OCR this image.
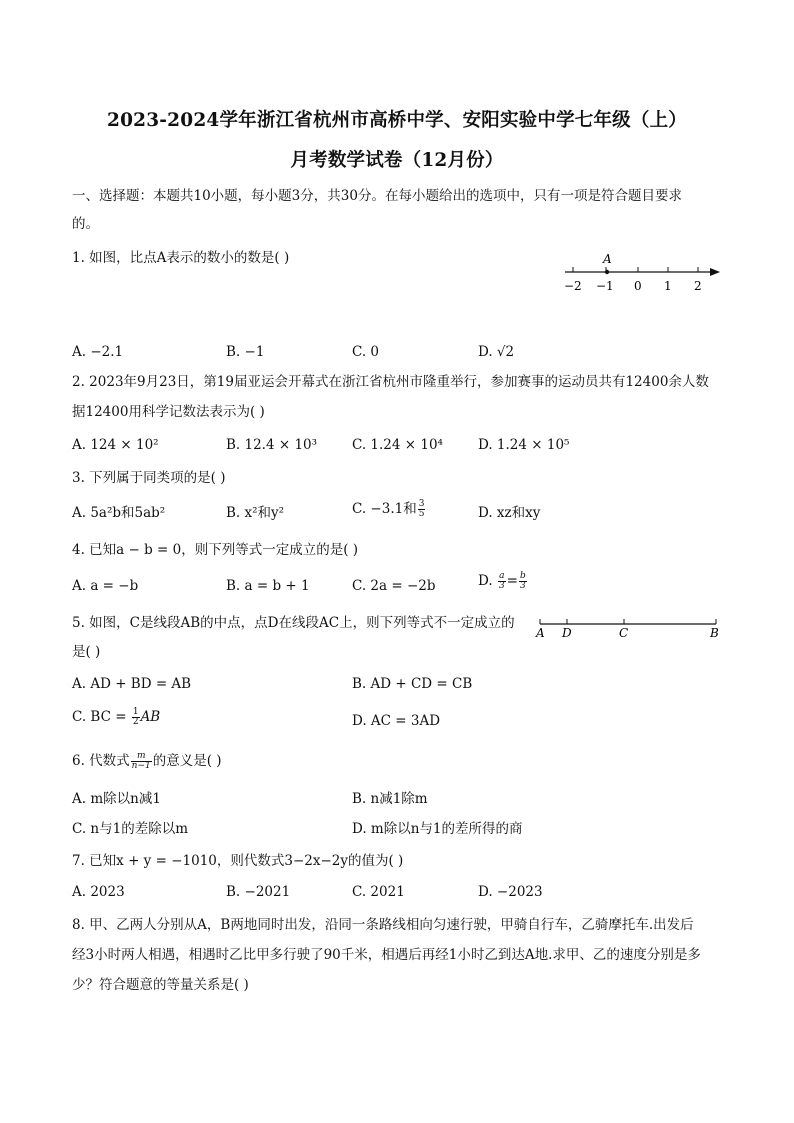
2023-2024学年浙江省杭州市高桥中学、安阳实验中学七年级（上）
月考数学试卷（12月份）
一、选择题：本题共10小题，每小题3分，共30分。在每小题给出的选项中，只有一项是符合题目要求
的。
1. 如图，比点A表示的数小的数是( )	A
−2 −1 0 1 2
A. −2.1	B. −1	C. 0	D. √2
2. 2023年9月23日，第19届亚运会开幕式在浙江省杭州市隆重举行，参加赛事的运动员共有12400余人数
据12400用科学记数法表示为( )
A. 124 × 10²	B. 12.4 × 10³	C. 1.24 × 10⁴	D. 1.24 × 10⁵
3. 下列属于同类项的是( )
A. 5a²b和5ab²	B. x²和y²	C. −3.1和 $\frac{3}{5}$	D. xz和xy
4. 已知a − b = 0，则下列等式一定成立的是( )
A. a = −b	B. a = b + 1	C. 2a = −2b	D. $\frac{a}{3} = \frac{b}{3}$
5. 如图，C是线段AB的中点，点D在线段AC上，则下列等式不一定成立的
是( )
A D	C	B
A. AD + BD = AB	B. AD + CD = CB
C. BC = $\frac{1}{2}$ AB	D. AC = 3AD
6. 代数式 $\frac{m}{n-1}$ 的意义是( )
A. m除以n减1	B. n减1除m
C. n与1的差除以m	D. m除以n与1的差所得的商
7. 已知x + y = −1010，则代数式3−2x−2y的值为( )
A. 2023	B. −2021	C. 2021	D. −2023
8. 甲、乙两人分别从A，B两地同时出发，沿同一条路线相向匀速行驶，甲骑自行车，乙骑摩托车.出发后
经3小时两人相遇，相遇时乙比甲多行驶了90千米，相遇后再经1小时乙到达A地.求甲、乙的速度分别是多
少？符合题意的等量关系是( )
